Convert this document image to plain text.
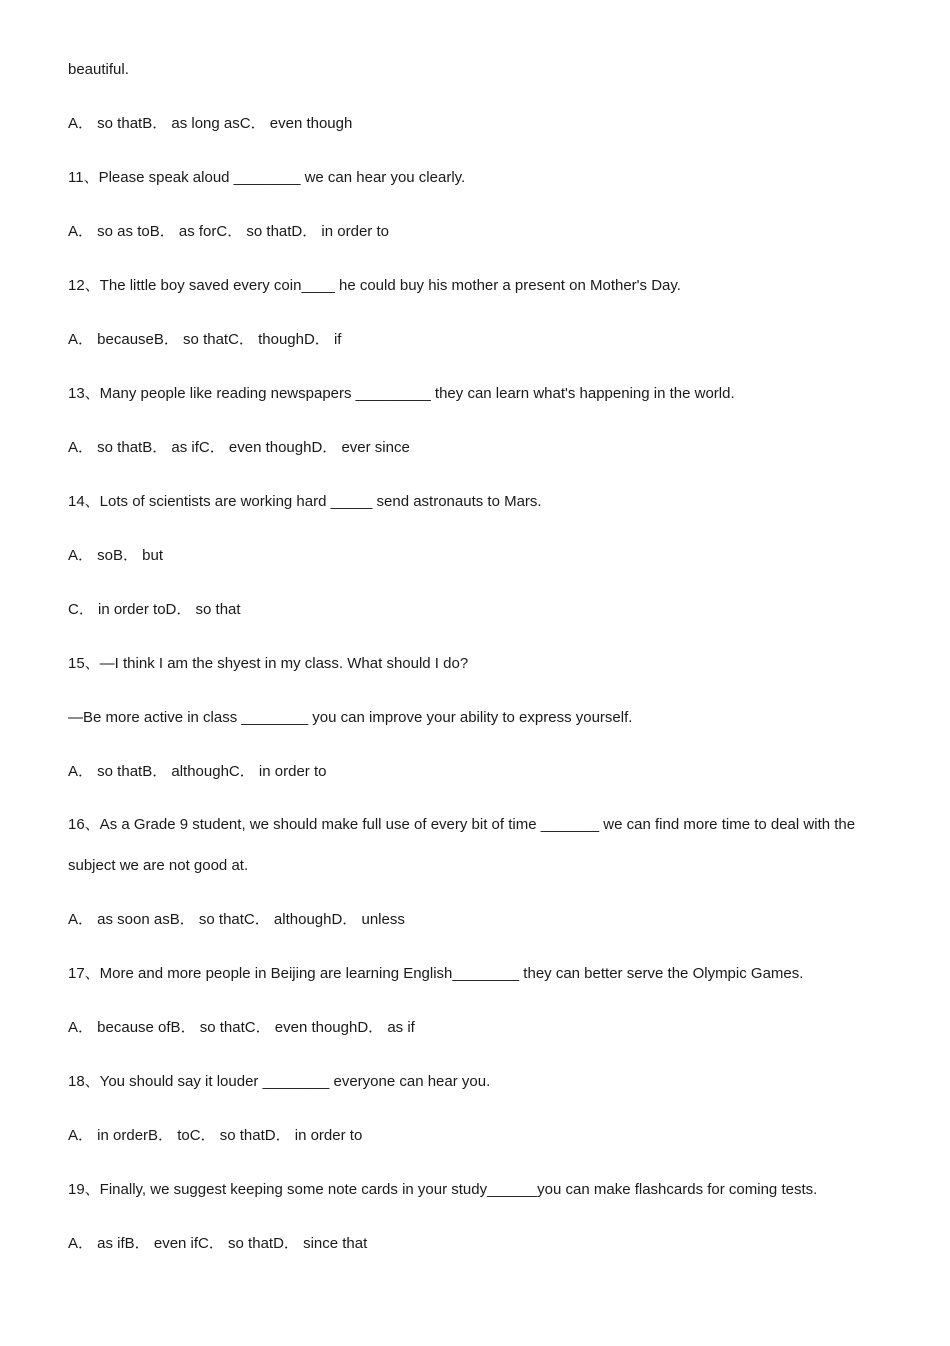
beautiful.
A． so thatB． as long asC． even though
11、Please speak aloud ________ we can hear you clearly.
A． so as toB． as forC． so thatD． in order to
12、The little boy saved every coin____ he could buy his mother a present on Mother's Day.
A． becauseB． so thatC． thoughD． if
13、Many people like reading newspapers _________ they can learn what's happening in the world.
A． so thatB． as ifC． even thoughD． ever since
14、Lots of scientists are working hard _____ send astronauts to Mars.
A． soB． but
C． in order toD． so that
15、—I think I am the shyest in my class. What should I do?
—Be more active in class ________ you can improve your ability to express yourself.
A． so thatB． althoughC． in order to
16、As a Grade 9 student, we should make full use of every bit of time _______ we can find more time to deal with the subject we are not good at.
A． as soon asB． so thatC． althoughD． unless
17、More and more people in Beijing are learning English________ they can better serve the Olympic Games.
A． because ofB． so thatC． even thoughD． as if
18、You should say it louder ________ everyone can hear you.
A． in orderB． toC． so thatD． in order to
19、Finally, we suggest keeping some note cards in your study______you can make flashcards for coming tests.
A． as ifB． even ifC． so thatD． since that
